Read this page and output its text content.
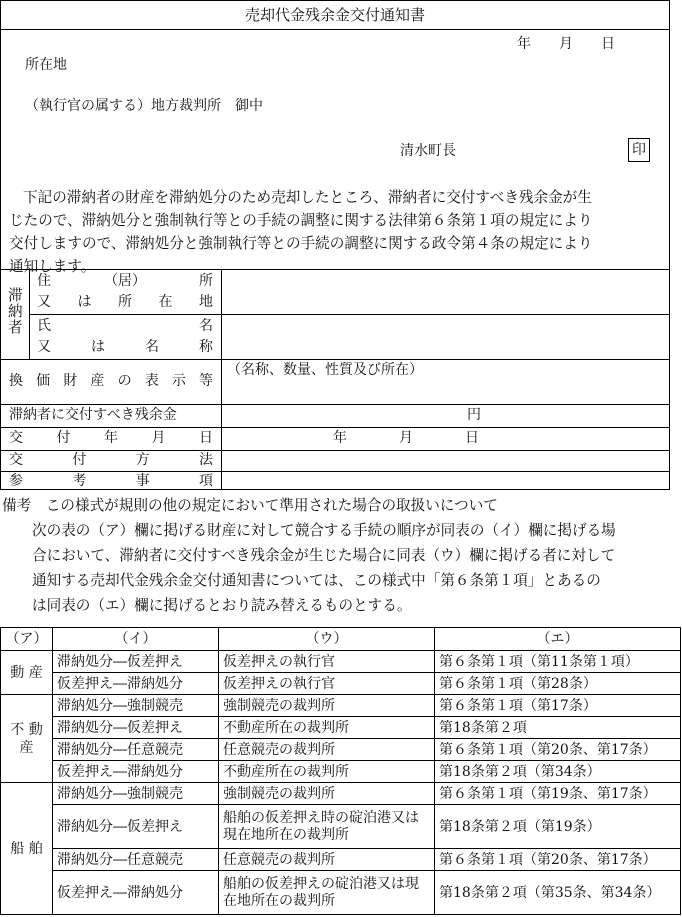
売却代金残余金交付通知書
年　　月　　日
所在地
（執行官の属する）地方裁判所　御中
清水町長	印
下記の滞納者の財産を滞納処分のため売却したところ、滞納者に交付すべき残余金が生
じたので、滞納処分と強制執行等との手続の調整に関する法律第６条第１項の規定により
交付しますので、滞納処分と強制執行等との手続の調整に関する政令第４条の規定により
通知します。
滞納者
住	（居）	所
又 は 所 在 地
氏	名
又	は	名	称
換 価 財 産 の 表 示 等
（名称、数量、性質及び所在）
滞納者に交付すべき残余金	円
交 付 年 月 日	年	月	日
交	付	方	法
参	考	事	項
備考　この様式が規則の他の規定において準用された場合の取扱いについて
次の表の（ア）欄に掲げる財産に対して競合する手続の順序が同表の（イ）欄に掲げる場
合において、滞納者に交付すべき残余金が生じた場合に同表（ウ）欄に掲げる者に対して
通知する売却代金残余金交付通知書については、この様式中「第６条第１項」とあるの
は同表の（エ）欄に掲げるとおり読み替えるものとする。
（ア）	（イ）	（ウ）	（エ）
動 産	滞納処分―仮差押え	仮差押えの執行官	第６条第１項（第11条第１項）
	仮差押え―滞納処分	仮差押えの執行官	第６条第１項（第28条）
不 動 産	滞納処分―強制競売	強制競売の裁判所	第６条第１項（第17条）
	滞納処分―仮差押え	不動産所在の裁判所	第18条第２項
	滞納処分―任意競売	任意競売の裁判所	第６条第１項（第20条、第17条）
	仮差押え―滞納処分	不動産所在の裁判所	第18条第２項（第34条）
船 舶	滞納処分―強制競売	強制競売の裁判所	第６条第１項（第19条、第17条）
	滞納処分―仮差押え	船舶の仮差押え時の碇泊港又は現在地所在の裁判所	第18条第２項（第19条）
	滞納処分―任意競売	任意競売の裁判所	第６条第１項（第20条、第17条）
	仮差押え―滞納処分	船舶の仮差押えの碇泊港又は現在地所在の裁判所	第18条第２項（第35条、第34条）
